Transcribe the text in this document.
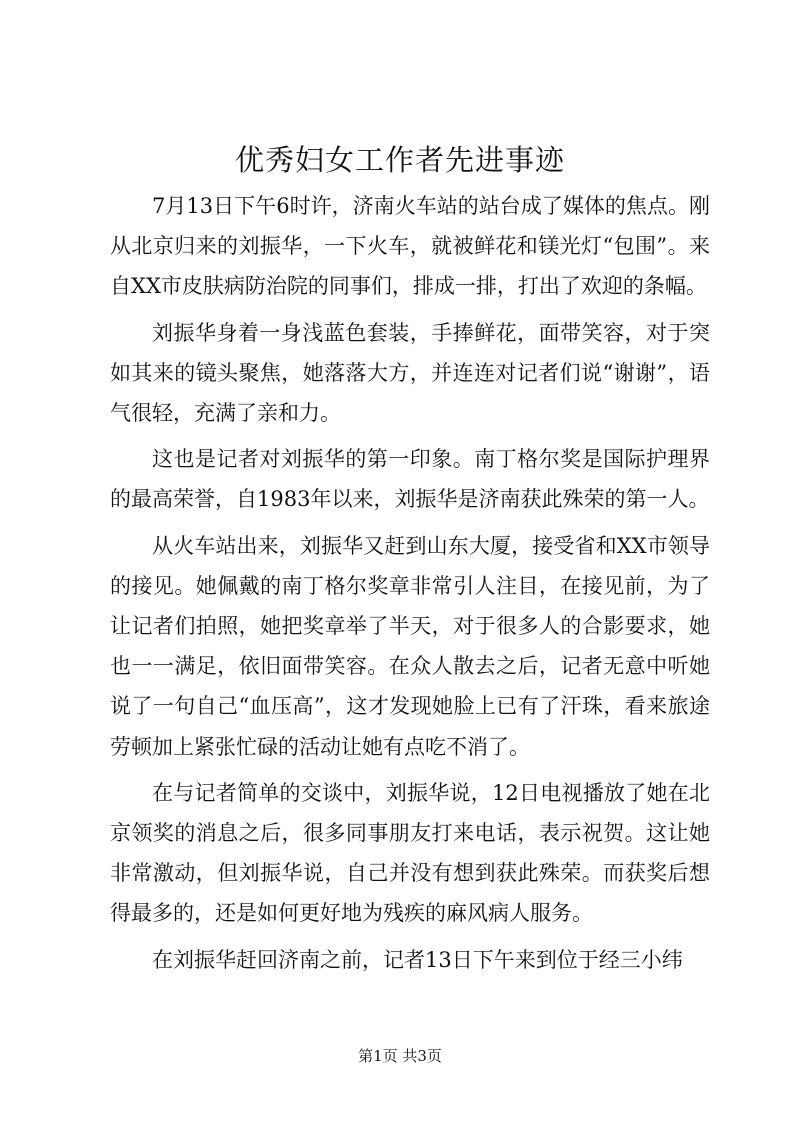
优秀妇女工作者先进事迹

7月13日下午6时许，济南火车站的站台成了媒体的焦点。刚从北京归来的刘振华，一下火车，就被鲜花和镁光灯“包围”。来自XX市皮肤病防治院的同事们，排成一排，打出了欢迎的条幅。

刘振华身着一身浅蓝色套装，手捧鲜花，面带笑容，对于突如其来的镜头聚焦，她落落大方，并连连对记者们说“谢谢”，语气很轻，充满了亲和力。

这也是记者对刘振华的第一印象。南丁格尔奖是国际护理界的最高荣誉，自1983年以来，刘振华是济南获此殊荣的第一人。

从火车站出来，刘振华又赶到山东大厦，接受省和XX市领导的接见。她佩戴的南丁格尔奖章非常引人注目，在接见前，为了让记者们拍照，她把奖章举了半天，对于很多人的合影要求，她也一一满足，依旧面带笑容。在众人散去之后，记者无意中听她说了一句自己“血压高”，这才发现她脸上已有了汗珠，看来旅途劳顿加上紧张忙碌的活动让她有点吃不消了。

在与记者简单的交谈中，刘振华说，12日电视播放了她在北京领奖的消息之后，很多同事朋友打来电话，表示祝贺。这让她非常激动，但刘振华说，自己并没有想到获此殊荣。而获奖后想得最多的，还是如何更好地为残疾的麻风病人服务。

在刘振华赶回济南之前，记者13日下午来到位于经三小纬

第1页 共3页
